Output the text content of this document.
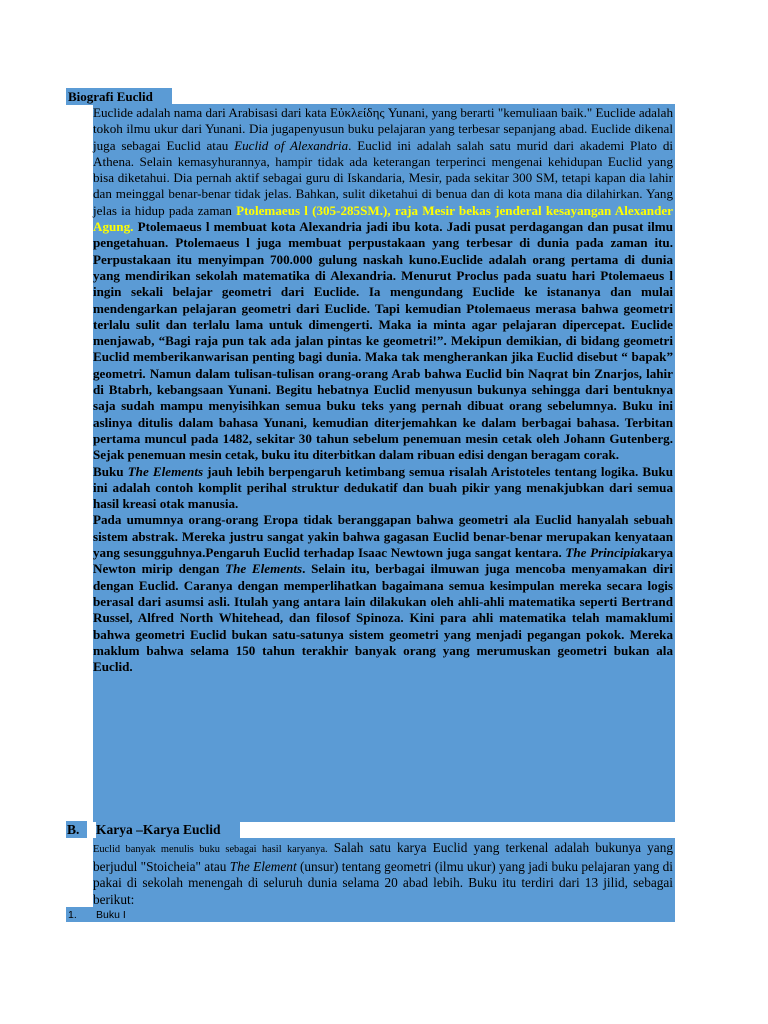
Biografi Euclid

Euclide adalah nama dari Arabisasi dari kata Εὐκλείδης Yunani, yang berarti "kemuliaan baik." Euclide adalah tokoh ilmu ukur dari Yunani. Dia jugapenyusun buku pelajaran yang terbesar sepanjang abad. Euclide dikenal juga sebagai Euclid atau Euclid of Alexandria. Euclid ini adalah salah satu murid dari akademi Plato di Athena. Selain kemasyhurannya, hampir tidak ada keterangan terperinci mengenai kehidupan Euclid yang bisa diketahui. Dia pernah aktif sebagai guru di Iskandaria, Mesir, pada sekitar 300 SM, tetapi kapan dia lahir dan meinggal benar-benar tidak jelas. Bahkan, sulit diketahui di benua dan di kota mana dia dilahirkan. Yang jelas ia hidup pada zaman Ptolemaeus l (305-285SM.), raja Mesir bekas jenderal kesayangan Alexander Agung. Ptolemaeus l membuat kota Alexandria jadi ibu kota. Jadi pusat perdagangan dan pusat ilmu pengetahuan. Ptolemaeus l juga membuat perpustakaan yang terbesar di dunia pada zaman itu. Perpustakaan itu menyimpan 700.000 gulung naskah kuno.Euclide adalah orang pertama di dunia yang mendirikan sekolah matematika di Alexandria. Menurut Proclus pada suatu hari Ptolemaeus l ingin sekali belajar geometri dari Euclide. Ia mengundang Euclide ke istananya dan mulai mendengarkan pelajaran geometri dari Euclide. Tapi kemudian Ptolemaeus merasa bahwa geometri terlalu sulit dan terlalu lama untuk dimengerti. Maka ia minta agar pelajaran dipercepat. Euclide menjawab, “Bagi raja pun tak ada jalan pintas ke geometri!”. Mekipun demikian, di bidang geometri Euclid memberikanwarisan penting bagi dunia. Maka tak mengherankan jika Euclid disebut “ bapak” geometri. Namun dalam tulisan-tulisan orang-orang Arab bahwa Euclid bin Naqrat bin Znarjos, lahir di Btabrh, kebangsaan Yunani. Begitu hebatnya Euclid menyusun bukunya sehingga dari bentuknya saja sudah mampu menyisihkan semua buku teks yang pernah dibuat orang sebelumnya. Buku ini aslinya ditulis dalam bahasa Yunani, kemudian diterjemahkan ke dalam berbagai bahasa. Terbitan pertama muncul pada 1482, sekitar 30 tahun sebelum penemuan mesin cetak oleh Johann Gutenberg. Sejak penemuan mesin cetak, buku itu diterbitkan dalam ribuan edisi dengan beragam corak.

Buku The Elements jauh lebih berpengaruh ketimbang semua risalah Aristoteles tentang logika. Buku ini adalah contoh komplit perihal struktur dedukatif dan buah pikir yang menakjubkan dari semua hasil kreasi otak manusia.

Pada umumnya orang-orang Eropa tidak beranggapan bahwa geometri ala Euclid hanyalah sebuah sistem abstrak. Mereka justru sangat yakin bahwa gagasan Euclid benar-benar merupakan kenyataan yang sesungguhnya.Pengaruh Euclid terhadap Isaac Newtown juga sangat kentara. The Principiakarya Newton mirip dengan The Elements. Selain itu, berbagai ilmuwan juga mencoba menyamakan diri dengan Euclid. Caranya dengan memperlihatkan bagaimana semua kesimpulan mereka secara logis berasal dari asumsi asli. Itulah yang antara lain dilakukan oleh ahli-ahli matematika seperti Bertrand Russel, Alfred North Whitehead, dan filosof Spinoza. Kini para ahli matematika telah mamaklumi bahwa geometri Euclid bukan satu-satunya sistem geometri yang menjadi pegangan pokok. Mereka maklum bahwa selama 150 tahun terakhir banyak orang yang merumuskan geometri bukan ala Euclid.

B.	Karya –Karya Euclid
Euclid banyak menulis buku sebagai hasil karyanya. Salah satu karya Euclid yang terkenal adalah bukunya yang berjudul "Stoicheia" atau The Element (unsur) tentang geometri (ilmu ukur) yang jadi buku pelajaran yang di pakai di sekolah menengah di seluruh dunia selama 20 abad lebih. Buku itu terdiri dari 13 jilid, sebagai berikut:
1.	Buku I
